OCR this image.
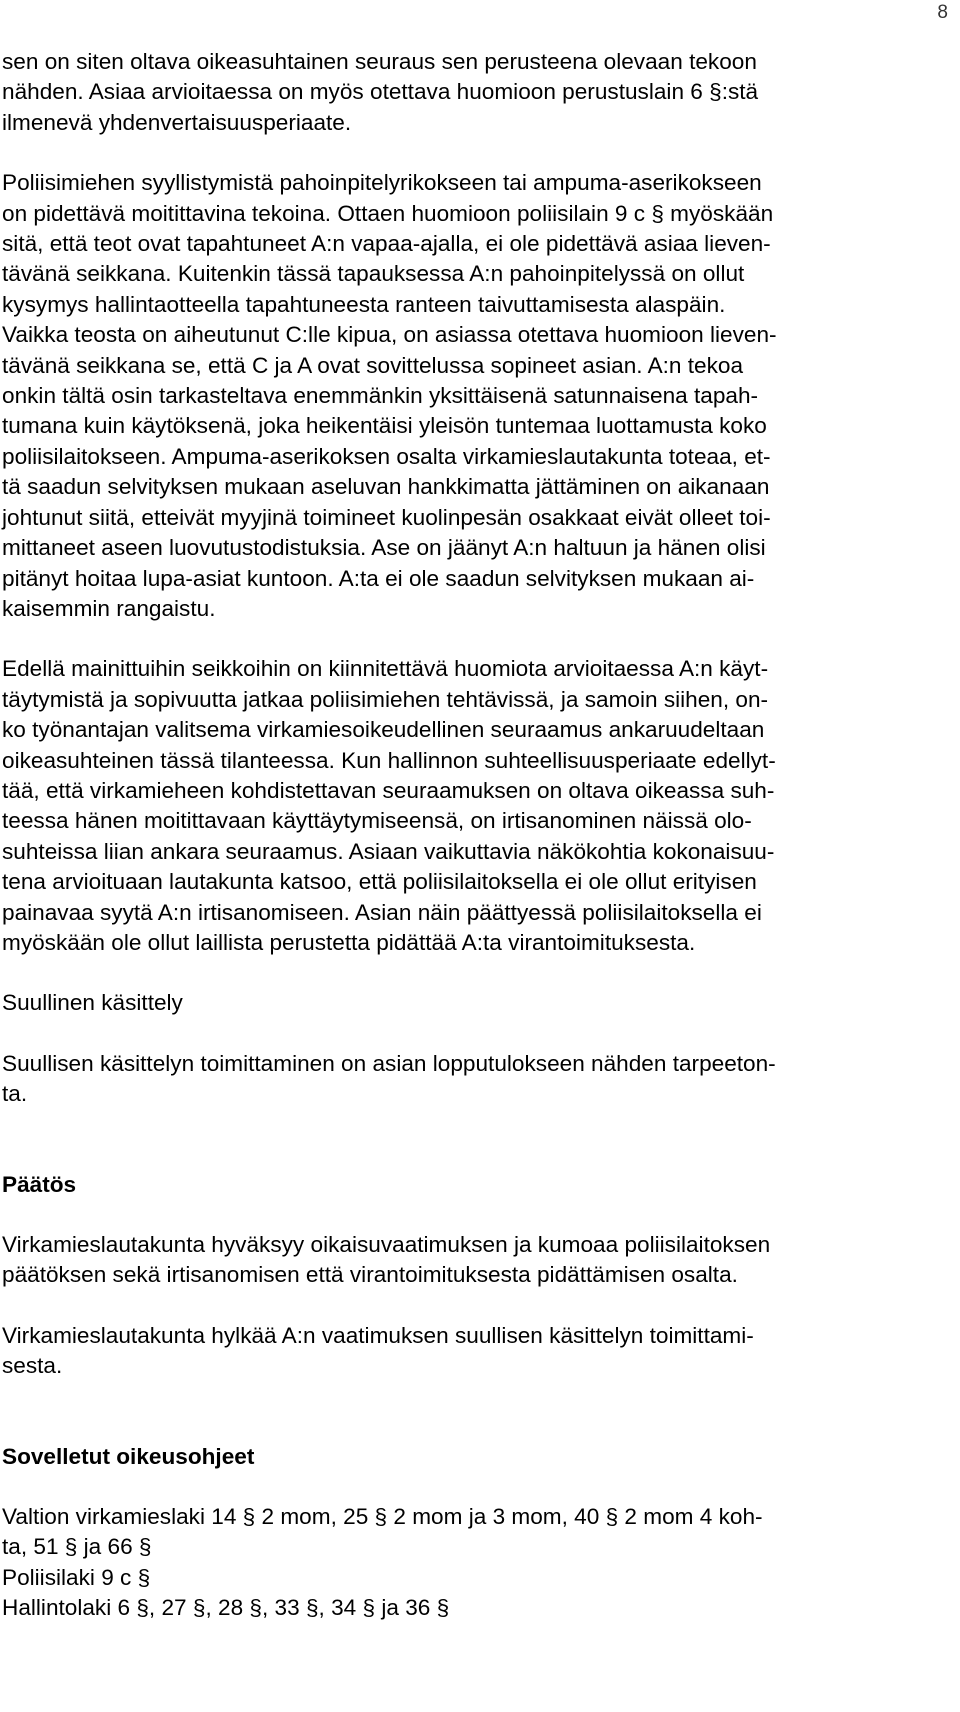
8
sen on siten oltava oikeasuhtainen seuraus sen perusteena olevaan tekoon
nähden. Asiaa arvioitaessa on myös otettava huomioon perustuslain 6 §:stä
ilmenevä yhdenvertaisuusperiaate.
Poliisimiehen syyllistymistä pahoinpitelyrikokseen tai ampuma-aserikokseen
on pidettävä moitittavina tekoina. Ottaen huomioon poliisilain 9 c § myöskään
sitä, että teot ovat tapahtuneet A:n vapaa-ajalla, ei ole pidettävä asiaa lieven-
tävänä seikkana. Kuitenkin tässä tapauksessa A:n pahoinpitelyssä on ollut
kysymys hallintaotteella tapahtuneesta ranteen taivuttamisesta alaspäin.
Vaikka teosta on aiheutunut C:lle kipua, on asiassa otettava huomioon lieven-
tävänä seikkana se, että C ja A ovat sovittelussa sopineet asian. A:n tekoa
onkin tältä osin tarkasteltava enemmänkin yksittäisenä satunnaisena tapah-
tumana kuin käytöksenä, joka heikentäisi yleisön tuntemaa luottamusta koko
poliisilaitokseen. Ampuma-aserikoksen osalta virkamieslautakunta toteaa, et-
tä saadun selvityksen mukaan aseluvan hankkimatta jättäminen on aikanaan
johtunut siitä, etteivät myyjinä toimineet kuolinpesän osakkaat eivät olleet toi-
mittaneet aseen luovutustodistuksia. Ase on jäänyt A:n haltuun ja hänen olisi
pitänyt hoitaa lupa-asiat kuntoon. A:ta ei ole saadun selvityksen mukaan ai-
kaisemmin rangaistu.
Edellä mainittuihin seikkoihin on kiinnitettävä huomiota arvioitaessa A:n käyt-
täytymistä ja sopivuutta jatkaa poliisimiehen tehtävissä, ja samoin siihen, on-
ko työnantajan valitsema virkamiesoikeudellinen seuraamus ankaruudeltaan
oikeasuhteinen tässä tilanteessa. Kun hallinnon suhteellisuusperiaate edellyt-
tää, että virkamieheen kohdistettavan seuraamuksen on oltava oikeassa suh-
teessa hänen moitittavaan käyttäytymiseensä, on irtisanominen näissä olo-
suhteissa liian ankara seuraamus. Asiaan vaikuttavia näkökohtia kokonaisuu-
tena arvioituaan lautakunta katsoo, että poliisilaitoksella ei ole ollut erityisen
painavaa syytä A:n irtisanomiseen. Asian näin päättyessä poliisilaitoksella ei
myöskään ole ollut laillista perustetta pidättää A:ta virantoimituksesta.
Suullinen käsittely
Suullisen käsittelyn toimittaminen on asian lopputulokseen nähden tarpeeton-
ta.
Päätös
Virkamieslautakunta hyväksyy oikaisuvaatimuksen ja kumoaa poliisilaitoksen
päätöksen sekä irtisanomisen että virantoimituksesta pidättämisen osalta.
Virkamieslautakunta hylkää A:n vaatimuksen suullisen käsittelyn toimittami-
sesta.
Sovelletut oikeusohjeet
Valtion virkamieslaki 14 § 2 mom, 25 § 2 mom ja 3 mom, 40 § 2 mom 4 koh-
ta, 51 § ja 66 §
Poliisilaki 9 c §
Hallintolaki 6 §, 27 §, 28 §, 33 §, 34 § ja 36 §
